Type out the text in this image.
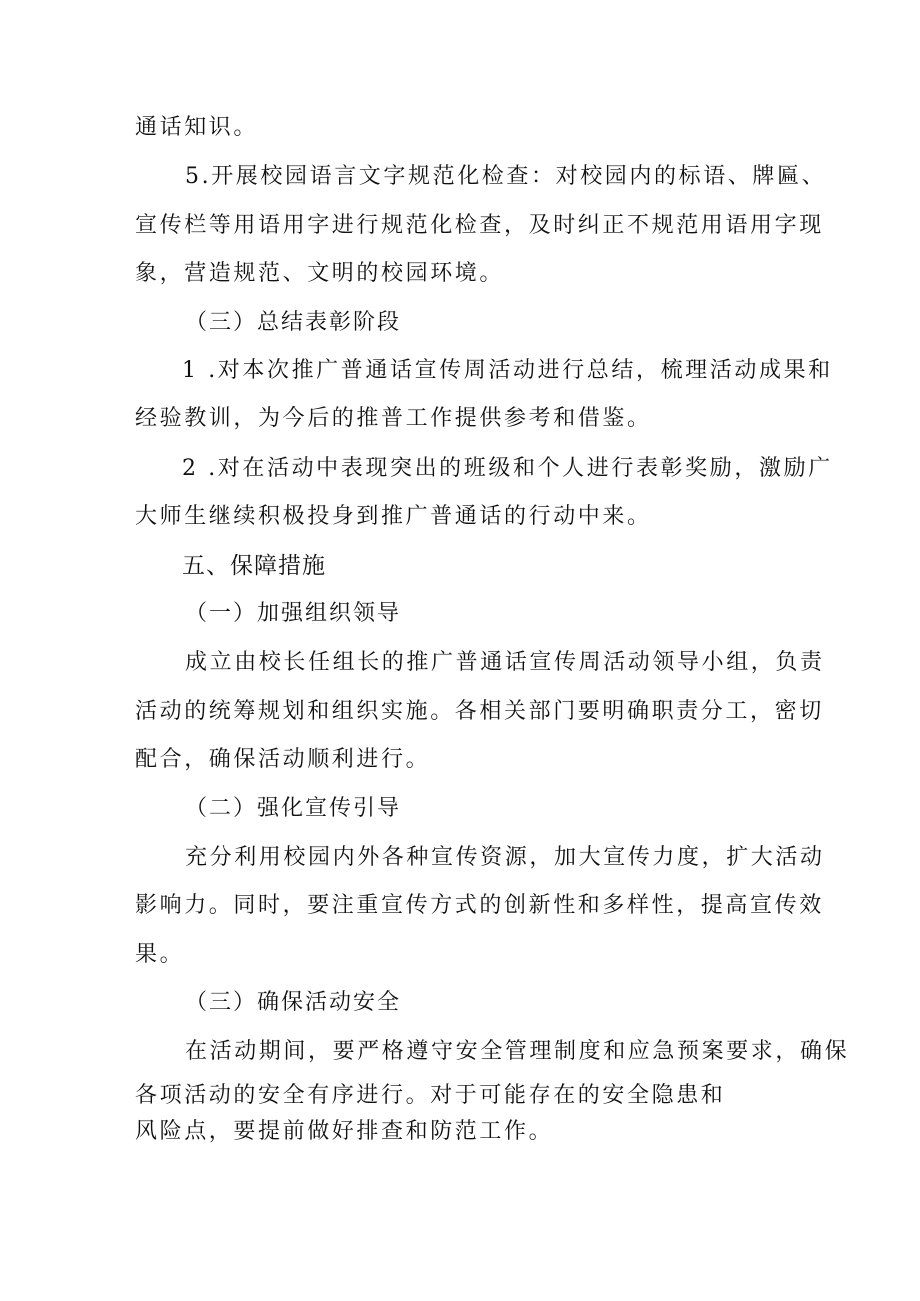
通话知识。
5.开展校园语言文字规范化检查：对校园内的标语、牌匾、
宣传栏等用语用字进行规范化检查，及时纠正不规范用语用字现
象，营造规范、文明的校园环境。
（三）总结表彰阶段
1 .对本次推广普通话宣传周活动进行总结，梳理活动成果和
经验教训，为今后的推普工作提供参考和借鉴。
2 .对在活动中表现突出的班级和个人进行表彰奖励，激励广
大师生继续积极投身到推广普通话的行动中来。
五、保障措施
（一）加强组织领导
成立由校长任组长的推广普通话宣传周活动领导小组，负责
活动的统筹规划和组织实施。各相关部门要明确职责分工，密切
配合，确保活动顺利进行。
（二）强化宣传引导
充分利用校园内外各种宣传资源，加大宣传力度，扩大活动
影响力。同时，要注重宣传方式的创新性和多样性，提高宣传效
果。
（三）确保活动安全
在活动期间，要严格遵守安全管理制度和应急预案要求，确保
各项活动的安全有序进行。对于可能存在的安全隐患和
风险点，要提前做好排查和防范工作。
